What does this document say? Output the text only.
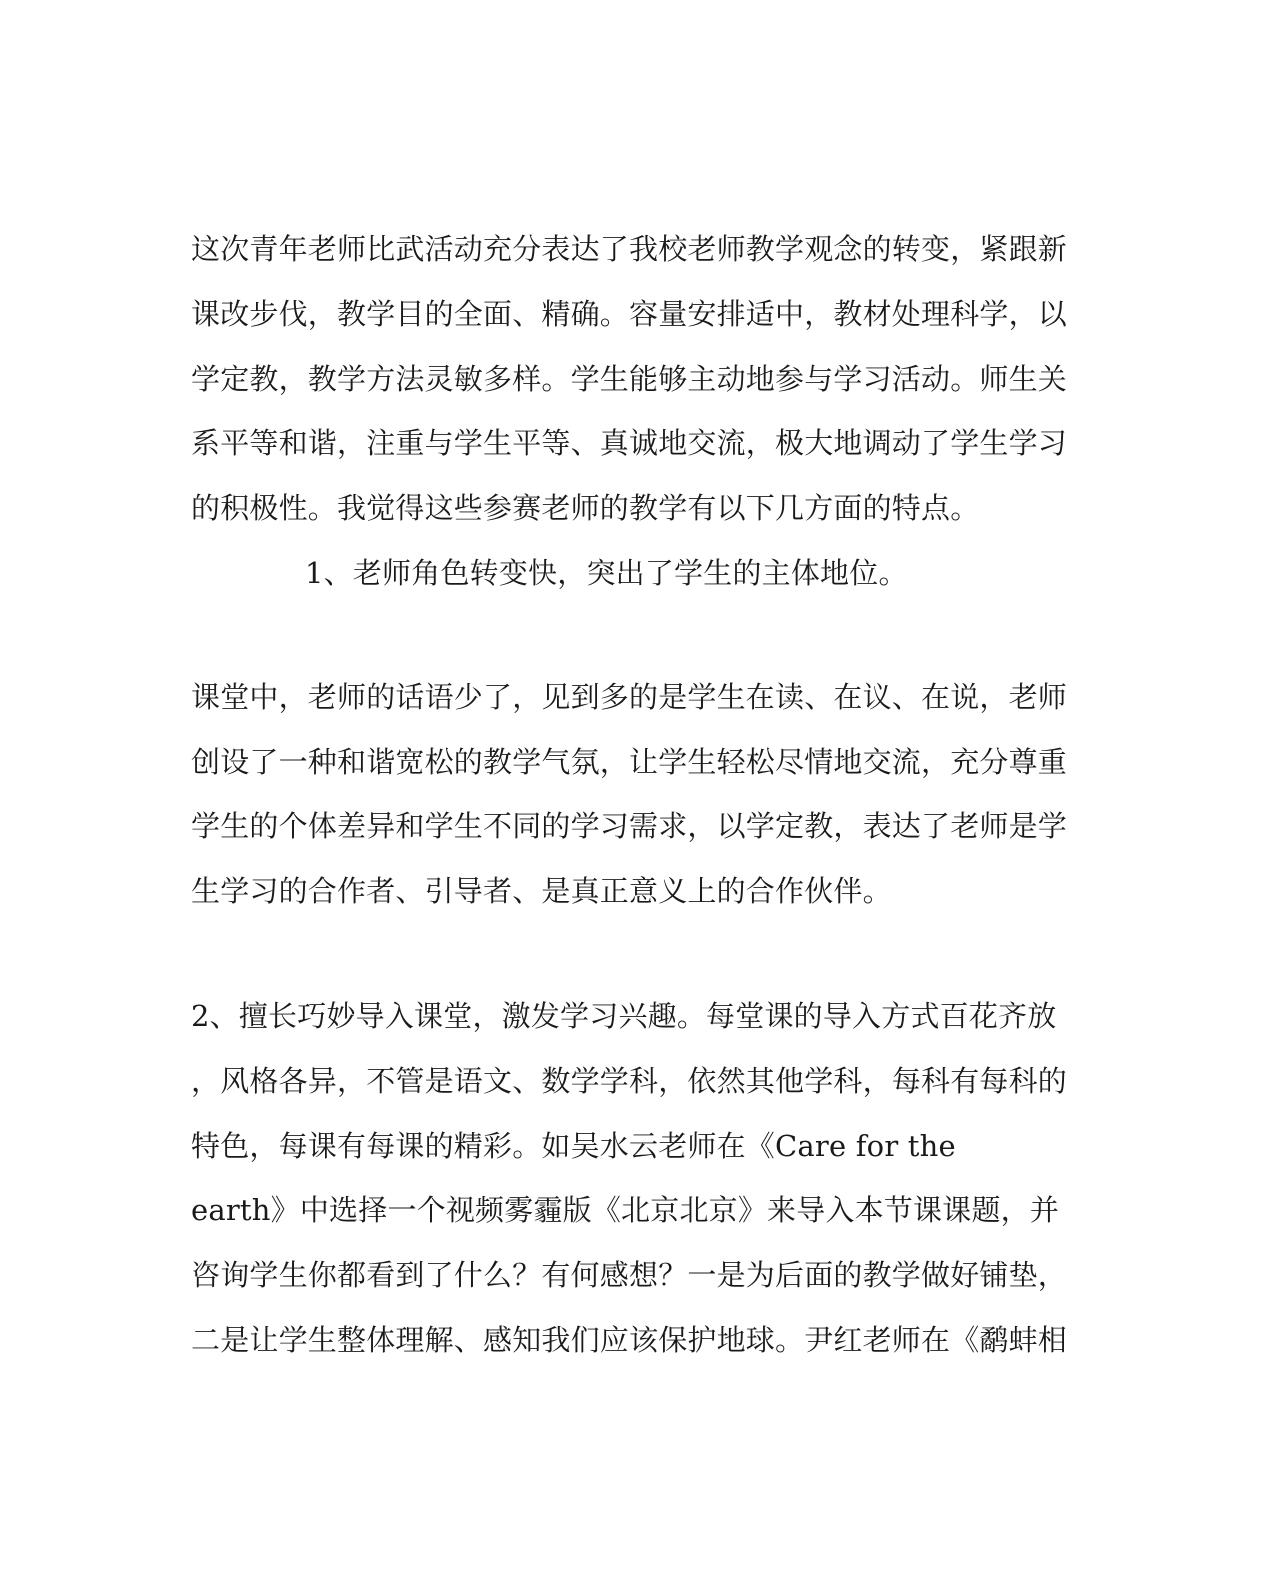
这次青年老师比武活动充分表达了我校老师教学观念的转变，紧跟新
课改步伐，教学目的全面、精确。容量安排适中，教材处理科学，以
学定教，教学方法灵敏多样。学生能够主动地参与学习活动。师生关
系平等和谐，注重与学生平等、真诚地交流，极大地调动了学生学习
的积极性。我觉得这些参赛老师的教学有以下几方面的特点。
1、老师角色转变快，突出了学生的主体地位。
课堂中，老师的话语少了，见到多的是学生在读、在议、在说，老师
创设了一种和谐宽松的教学气氛，让学生轻松尽情地交流，充分尊重
学生的个体差异和学生不同的学习需求，以学定教，表达了老师是学
生学习的合作者、引导者、是真正意义上的合作伙伴。
2、擅长巧妙导入课堂，激发学习兴趣。每堂课的导入方式百花齐放
，风格各异，不管是语文、数学学科，依然其他学科，每科有每科的
特色，每课有每课的精彩。如吴水云老师在《Care for the
earth》中选择一个视频雾霾版《北京北京》来导入本节课课题，并
咨询学生你都看到了什么？有何感想？一是为后面的教学做好铺垫，
二是让学生整体理解、感知我们应该保护地球。尹红老师在《鹬蚌相
